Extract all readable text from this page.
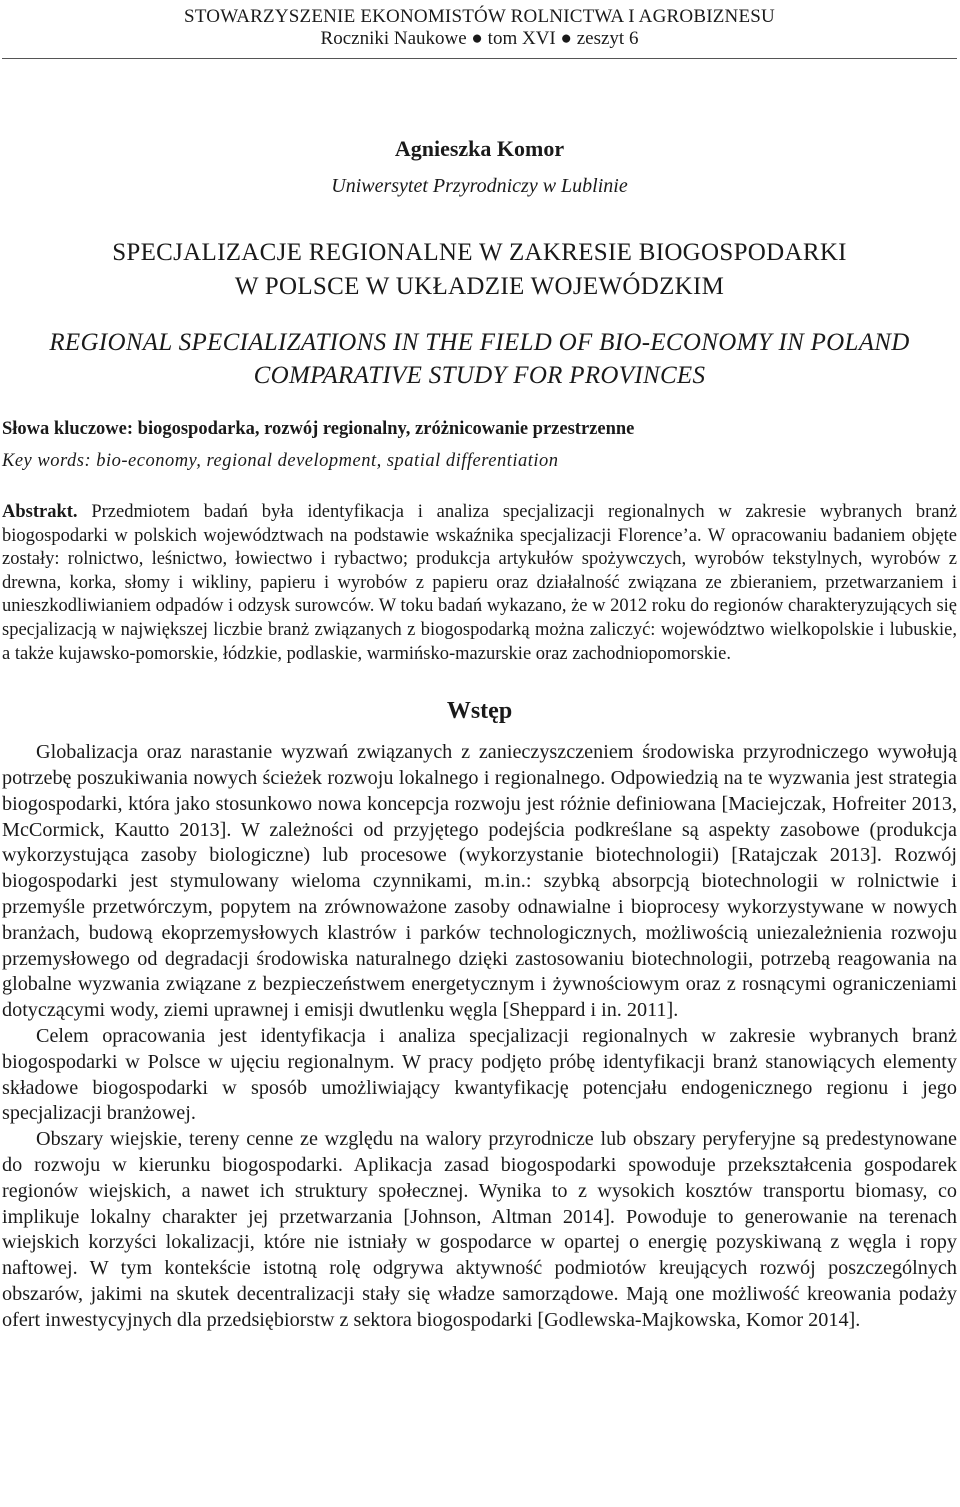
STOWARZYSZENIE EKONOMISTÓW ROLNICTWA I AGROBIZNESU
Roczniki Naukowe ● tom XVI ● zeszyt 6
Agnieszka Komor
Uniwersytet Przyrodniczy w Lublinie
SPECJALIZACJE REGIONALNE W ZAKRESIE BIOGOSPODARKI
W POLSCE W UKŁADZIE WOJEWÓDZKIM
REGIONAL SPECIALIZATIONS IN THE FIELD OF BIO-ECONOMY IN POLAND
COMPARATIVE STUDY FOR PROVINCES
Słowa kluczowe: biogospodarka, rozwój regionalny, zróżnicowanie przestrzenne
Key words: bio-economy, regional development, spatial differentiation
Abstrakt. Przedmiotem badań była identyfikacja i analiza specjalizacji regionalnych w zakresie wybranych branż biogospodarki w polskich województwach na podstawie wskaźnika specjalizacji Florence’a. W opracowaniu badaniem objęte zostały: rolnictwo, leśnictwo, łowiectwo i rybactwo; produkcja artykułów spożywczych, wyrobów tekstylnych, wyrobów z drewna, korka, słomy i wikliny, papieru i wyrobów z papieru oraz działalność związana ze zbieraniem, przetwarzaniem i unieszkodliwianiem odpadów i odzysk surowców. W toku badań wykazano, że w 2012 roku do regionów charakteryzujących się specjalizacją w największej liczbie branż związanych z biogospodarką można zaliczyć: województwo wielkopolskie i lubuskie, a także kujawsko-pomorskie, łódzkie, podlaskie, warmińsko-mazurskie oraz zachodniopomorskie.
Wstęp

Globalizacja oraz narastanie wyzwań związanych z zanieczyszczeniem środowiska przyrodniczego wywołują potrzebę poszukiwania nowych ścieżek rozwoju lokalnego i regionalnego. Odpowiedzią na te wyzwania jest strategia biogospodarki, która jako stosunkowo nowa koncepcja rozwoju jest różnie definiowana [Maciejczak, Hofreiter 2013, McCormick, Kautto 2013]. W zależności od przyjętego podejścia podkreślane są aspekty zasobowe (produkcja wykorzystująca zasoby biologiczne) lub procesowe (wykorzystanie biotechnologii) [Ratajczak 2013]. Rozwój biogospodarki jest stymulowany wieloma czynnikami, m.in.: szybką absorpcją biotechnologii w rolnictwie i przemyśle przetwórczym, popytem na zrównoważone zasoby odnawialne i bioprocesy wykorzystywane w nowych branżach, budową ekoprzemysłowych klastrów i parków technologicznych, możliwością uniezależnienia rozwoju przemysłowego od degradacji środowiska naturalnego dzięki zastosowaniu biotechnologii, potrzebą reagowania na globalne wyzwania związane z bezpieczeństwem energetycznym i żywnościowym oraz z rosnącymi ograniczeniami dotyczącymi wody, ziemi uprawnej i emisji dwutlenku węgla [Sheppard i in. 2011].

Celem opracowania jest identyfikacja i analiza specjalizacji regionalnych w zakresie wybranych branż biogospodarki w Polsce w ujęciu regionalnym. W pracy podjęto próbę identyfikacji branż stanowiących elementy składowe biogospodarki w sposób umożliwiający kwantyfikację potencjału endogenicznego regionu i jego specjalizacji branżowej.

Obszary wiejskie, tereny cenne ze względu na walory przyrodnicze lub obszary peryferyjne są predestynowane do rozwoju w kierunku biogospodarki. Aplikacja zasad biogospodarki spowoduje przekształcenia gospodarek regionów wiejskich, a nawet ich struktury społecznej. Wynika to z wysokich kosztów transportu biomasy, co implikuje lokalny charakter jej przetwarzania [Johnson, Altman 2014]. Powoduje to generowanie na terenach wiejskich korzyści lokalizacji, które nie istniały w gospodarce w opartej o energię pozyskiwaną z węgla i ropy naftowej. W tym kontekście istotną rolę odgrywa aktywność podmiotów kreujących rozwój poszczególnych obszarów, jakimi na skutek decentralizacji stały się władze samorządowe. Mają one możliwość kreowania podaży ofert inwestycyjnych dla przedsiębiorstw z sektora biogospodarki [Godlewska-Majkowska, Komor 2014].
